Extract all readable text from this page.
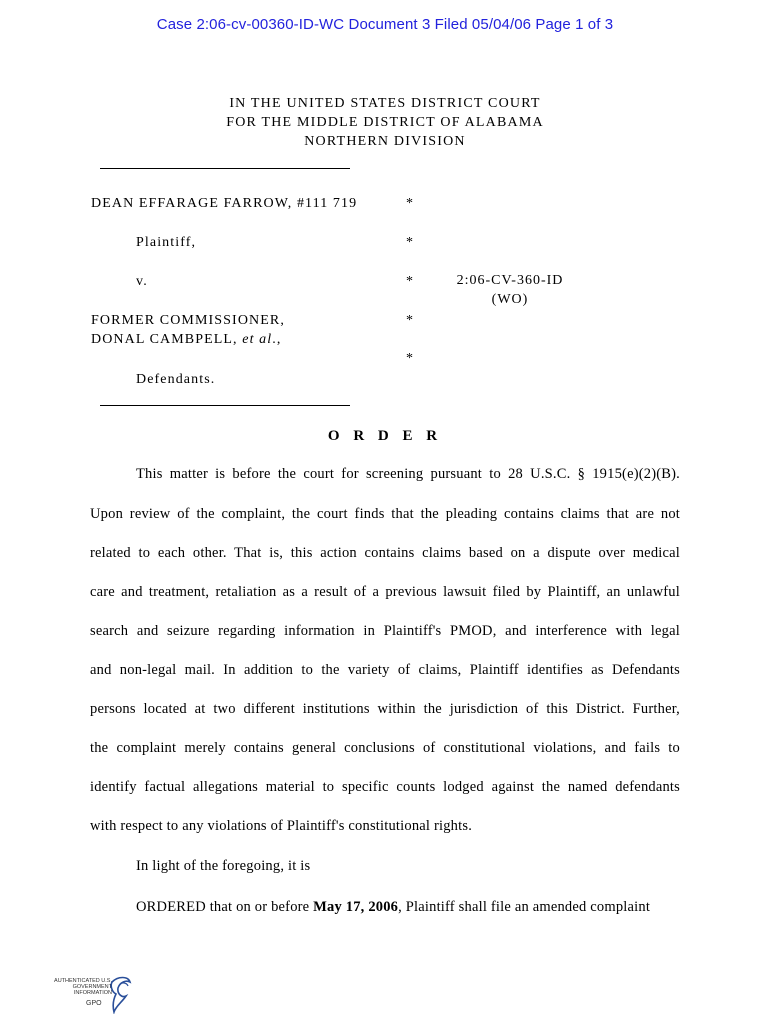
Case 2:06-cv-00360-ID-WC Document 3 Filed 05/04/06 Page 1 of 3
IN THE UNITED STATES DISTRICT COURT
FOR THE MIDDLE DISTRICT OF ALABAMA
NORTHERN DIVISION
DEAN EFFARAGE FARROW, #111 719	*
Plaintiff,	*
v.	*	2:06-CV-360-ID
(WO)
FORMER COMMISSIONER,	*
DONAL CAMBPELL, et al.,
*
Defendants.
O R D E R
This matter is before the court for screening pursuant to 28 U.S.C. § 1915(e)(2)(B).
Upon review of the complaint, the court finds that the pleading contains claims that are not
related to each other. That is, this action contains claims based on a dispute over medical
care and treatment, retaliation as a result of a previous lawsuit filed by Plaintiff, an unlawful
search and seizure regarding information in Plaintiff's PMOD, and interference with legal
and non-legal mail. In addition to the variety of claims, Plaintiff identifies as Defendants
persons located at two different institutions within the jurisdiction of this District. Further,
the complaint merely contains general conclusions of constitutional violations, and fails to
identify factual allegations material to specific counts lodged against the named defendants
with respect to any violations of Plaintiff's constitutional rights.
In light of the foregoing, it is
ORDERED that on or before May 17, 2006, Plaintiff shall file an amended complaint
AUTHENTICATED U.S. GOVERNMENT INFORMATION
GPO
